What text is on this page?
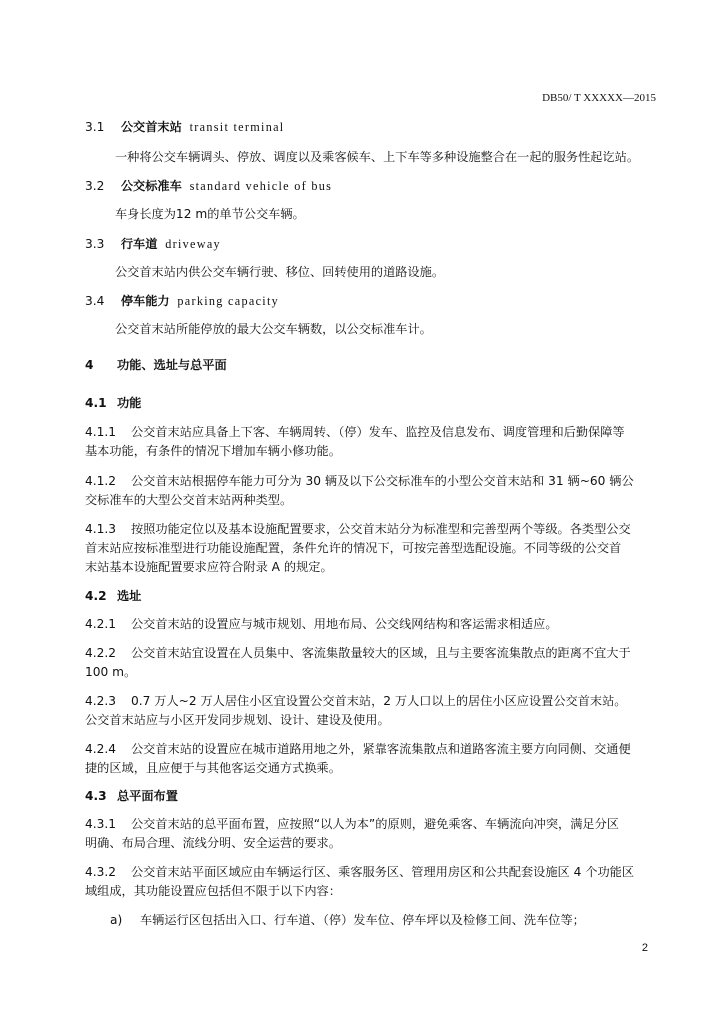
DB50/ T XXXXX—2015
3.1 公交首末站 transit terminal
一种将公交车辆调头、停放、调度以及乘客候车、上下车等多种设施整合在一起的服务性起讫站。
3.2 公交标准车 standard vehicle of bus
车身长度为12 m的单节公交车辆。
3.3 行车道 driveway
公交首末站内供公交车辆行驶、移位、回转使用的道路设施。
3.4 停车能力 parking capacity
公交首末站所能停放的最大公交车辆数，以公交标准车计。
4 功能、选址与总平面
4.1 功能
4.1.1 公交首末站应具备上下客、车辆周转、（停）发车、监控及信息发布、调度管理和后勤保障等
基本功能，有条件的情况下增加车辆小修功能。
4.1.2 公交首末站根据停车能力可分为 30 辆及以下公交标准车的小型公交首末站和 31 辆~60 辆公
交标准车的大型公交首末站两种类型。
4.1.3 按照功能定位以及基本设施配置要求，公交首末站分为标准型和完善型两个等级。各类型公交
首末站应按标准型进行功能设施配置，条件允许的情况下，可按完善型选配设施。不同等级的公交首
末站基本设施配置要求应符合附录 A 的规定。
4.2 选址
4.2.1 公交首末站的设置应与城市规划、用地布局、公交线网结构和客运需求相适应。
4.2.2 公交首末站宜设置在人员集中、客流集散量较大的区域，且与主要客流集散点的距离不宜大于
100 m。
4.2.3 0.7 万人~2 万人居住小区宜设置公交首末站，2 万人口以上的居住小区应设置公交首末站。
公交首末站应与小区开发同步规划、设计、建设及使用。
4.2.4 公交首末站的设置应在城市道路用地之外，紧靠客流集散点和道路客流主要方向同侧、交通便
捷的区域，且应便于与其他客运交通方式换乘。
4.3 总平面布置
4.3.1 公交首末站的总平面布置，应按照“以人为本”的原则，避免乘客、车辆流向冲突，满足分区
明确、布局合理、流线分明、安全运营的要求。
4.3.2 公交首末站平面区域应由车辆运行区、乘客服务区、管理用房区和公共配套设施区 4 个功能区
域组成，其功能设置应包括但不限于以下内容：
a) 车辆运行区包括出入口、行车道、（停）发车位、停车坪以及检修工间、洗车位等；
2
